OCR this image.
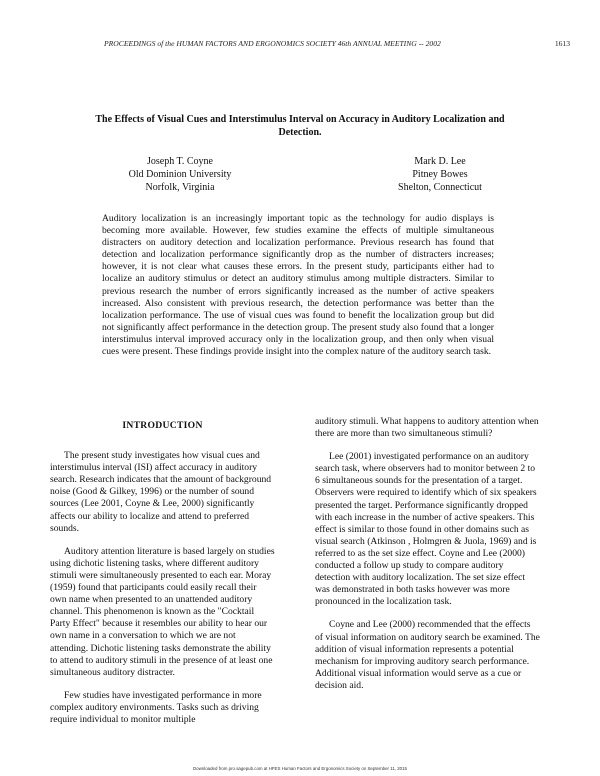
PROCEEDINGS of the HUMAN FACTORS AND ERGONOMICS SOCIETY 46th ANNUAL MEETING -- 2002	1613
The Effects of Visual Cues and Interstimulus Interval on Accuracy in Auditory Localization and Detection.
Joseph T. Coyne
Old Dominion University
Norfolk, Virginia
Mark D. Lee
Pitney Bowes
Shelton, Connecticut

Auditory localization is an increasingly important topic as the technology for audio displays is becoming more available. However, few studies examine the effects of multiple simultaneous distracters on auditory detection and localization performance. Previous research has found that detection and localization performance significantly drop as the number of distracters increases; however, it is not clear what causes these errors. In the present study, participants either had to localize an auditory stimulus or detect an auditory stimulus among multiple distracters. Similar to previous research the number of errors significantly increased as the number of active speakers increased. Also consistent with previous research, the detection performance was better than the localization performance. The use of visual cues was found to benefit the localization group but did not significantly affect performance in the detection group. The present study also found that a longer interstimulus interval improved accuracy only in the localization group, and then only when visual cues were present. These findings provide insight into the complex nature of the auditory search task.

INTRODUCTION

The present study investigates how visual cues and interstimulus interval (ISI) affect accuracy in auditory search. Research indicates that the amount of background noise (Good & Gilkey, 1996) or the number of sound sources (Lee 2001, Coyne & Lee, 2000) significantly affects our ability to localize and attend to preferred sounds.

Auditory attention literature is based largely on studies using dichotic listening tasks, where different auditory stimuli were simultaneously presented to each ear. Moray (1959) found that participants could easily recall their own name when presented to an unattended auditory channel. This phenomenon is known as the "Cocktail Party Effect" because it resembles our ability to hear our own name in a conversation to which we are not attending. Dichotic listening tasks demonstrate the ability to attend to auditory stimuli in the presence of at least one simultaneous auditory distracter.

Few studies have investigated performance in more complex auditory environments. Tasks such as driving require individual to monitor multiple

auditory stimuli. What happens to auditory attention when there are more than two simultaneous stimuli?

Lee (2001) investigated performance on an auditory search task, where observers had to monitor between 2 to 6 simultaneous sounds for the presentation of a target. Observers were required to identify which of six speakers presented the target. Performance significantly dropped with each increase in the number of active speakers. This effect is similar to those found in other domains such as visual search (Atkinson , Holmgren & Juola, 1969) and is referred to as the set size effect. Coyne and Lee (2000) conducted a follow up study to compare auditory detection with auditory localization. The set size effect was demonstrated in both tasks however was more pronounced in the localization task.

Coyne and Lee (2000) recommended that the effects of visual information on auditory search be examined. The addition of visual information represents a potential mechanism for improving auditory search performance. Additional visual information would serve as a cue or decision aid.

Downloaded from pro.sagepub.com at HFES Human Factors and Ergonomics Society on September 11, 2015
